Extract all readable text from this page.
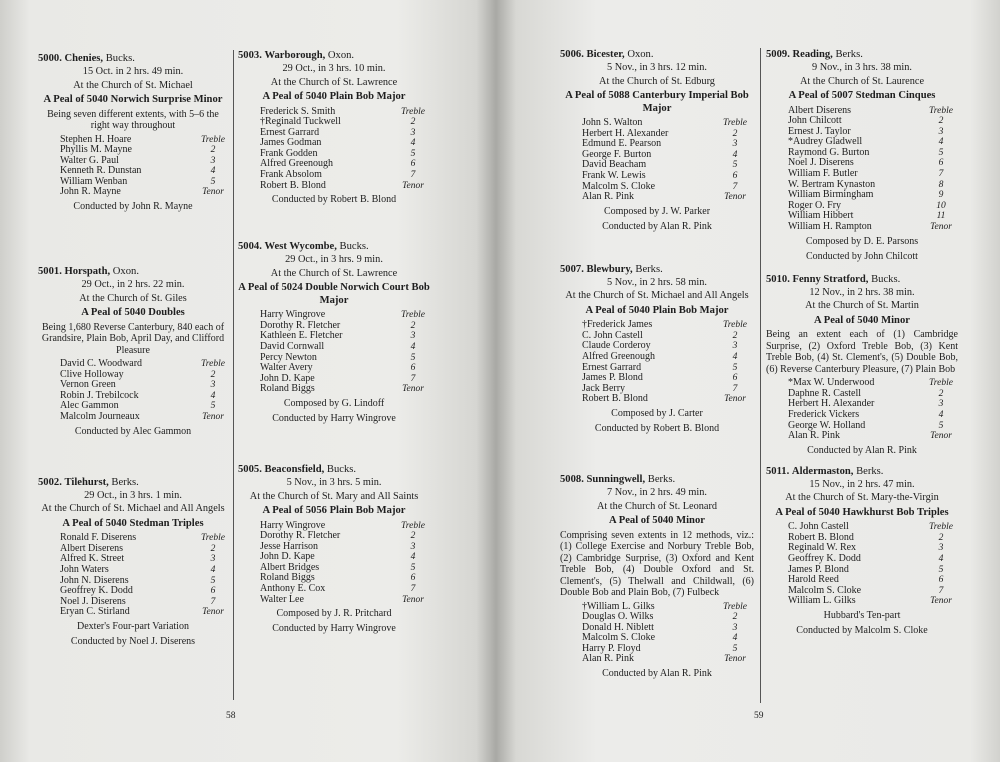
5000. Chenies, Bucks.
15 Oct. in 2 hrs. 49 min.
At the Church of St. Michael
A Peal of 5040 Norwich Surprise Minor
Being seven different extents, with 5–6 the right way throughout
Stephen H. Hoare	Treble
Phyllis M. Mayne	2
Walter G. Paul	3
Kenneth R. Dunstan	4
William Wenban	5
John R. Mayne	Tenor
Conducted by John R. Mayne
5001. Horspath, Oxon.
29 Oct., in 2 hrs. 22 min.
At the Church of St. Giles
A Peal of 5040 Doubles
Being 1,680 Reverse Canterbury, 840 each of Grandsire, Plain Bob, April Day, and Clifford Pleasure
David C. Woodward	Treble
Clive Holloway	2
Vernon Green	3
Robin J. Trebilcock	4
Alec Gammon	5
Malcolm Journeaux	Tenor
Conducted by Alec Gammon
5002. Tilehurst, Berks.
29 Oct., in 3 hrs. 1 min.
At the Church of St. Michael and All Angels
A Peal of 5040 Stedman Triples
Ronald F. Diserens	Treble
Albert Diserens	2
Alfred K. Street	3
John Waters	4
John N. Diserens	5
Geoffrey K. Dodd	6
Noel J. Diserens	7
Eryan C. Stirland	Tenor
Dexter's Four-part Variation
Conducted by Noel J. Diserens
5003. Warborough, Oxon.
29 Oct., in 3 hrs. 10 min.
At the Church of St. Lawrence
A Peal of 5040 Plain Bob Major
Frederick S. Smith	Treble
†Reginald Tuckwell	2
Ernest Garrard	3
James Godman	4
Frank Godden	5
Alfred Greenough	6
Frank Absolom	7
Robert B. Blond	Tenor
Conducted by Robert B. Blond
5004. West Wycombe, Bucks.
29 Oct., in 3 hrs. 9 min.
At the Church of St. Lawrence
A Peal of 5024 Double Norwich Court Bob Major
Harry Wingrove	Treble
Dorothy R. Fletcher	2
Kathleen E. Fletcher	3
David Cornwall	4
Percy Newton	5
Walter Avery	6
John D. Kape	7
Roland Biggs	Tenor
Composed by G. Lindoff
Conducted by Harry Wingrove
5005. Beaconsfield, Bucks.
5 Nov., in 3 hrs. 5 min.
At the Church of St. Mary and All Saints
A Peal of 5056 Plain Bob Major
Harry Wingrove	Treble
Dorothy R. Fletcher	2
Jesse Harrison	3
John D. Kape	4
Albert Bridges	5
Roland Biggs	6
Anthony E. Cox	7
Walter Lee	Tenor
Composed by J. R. Pritchard
Conducted by Harry Wingrove
58
5006. Bicester, Oxon.
5 Nov., in 3 hrs. 12 min.
At the Church of St. Edburg
A Peal of 5088 Canterbury Imperial Bob Major
John S. Walton	Treble
Herbert H. Alexander	2
Edmund E. Pearson	3
George F. Burton	4
David Beacham	5
Frank W. Lewis	6
Malcolm S. Cloke	7
Alan R. Pink	Tenor
Composed by J. W. Parker
Conducted by Alan R. Pink
5007. Blewbury, Berks.
5 Nov., in 2 hrs. 58 min.
At the Church of St. Michael and All Angels
A Peal of 5040 Plain Bob Major
†Frederick James	Treble
C. John Castell	2
Claude Corderoy	3
Alfred Greenough	4
Ernest Garrard	5
James P. Blond	6
Jack Berry	7
Robert B. Blond	Tenor
Composed by J. Carter
Conducted by Robert B. Blond
5008. Sunningwell, Berks.
7 Nov., in 2 hrs. 49 min.
At the Church of St. Leonard
A Peal of 5040 Minor
Comprising seven extents in 12 methods, viz.: (1) College Exercise and Norbury Treble Bob, (2) Cambridge Surprise, (3) Oxford and Kent Treble Bob, (4) Double Oxford and St. Clement's, (5) Thelwall and Childwall, (6) Double Bob and Plain Bob, (7) Fulbeck
†William L. Gilks	Treble
Douglas O. Wilks	2
Donald H. Niblett	3
Malcolm S. Cloke	4
Harry P. Floyd	5
Alan R. Pink	Tenor
Conducted by Alan R. Pink
5009. Reading, Berks.
9 Nov., in 3 hrs. 38 min.
At the Church of St. Laurence
A Peal of 5007 Stedman Cinques
Albert Diserens	Treble
John Chilcott	2
Ernest J. Taylor	3
*Audrey Gladwell	4
Raymond G. Burton	5
Noel J. Diserens	6
William F. Butler	7
W. Bertram Kynaston	8
William Birmingham	9
Roger O. Fry	10
William Hibbert	11
William H. Rampton	Tenor
Composed by D. E. Parsons
Conducted by John Chilcott
5010. Fenny Stratford, Bucks.
12 Nov., in 2 hrs. 38 min.
At the Church of St. Martin
A Peal of 5040 Minor
Being an extent each of (1) Cambridge Surprise, (2) Oxford Treble Bob, (3) Kent Treble Bob, (4) St. Clement's, (5) Double Bob, (6) Reverse Canterbury Pleasure, (7) Plain Bob
*Max W. Underwood	Treble
Daphne R. Castell	2
Herbert H. Alexander	3
Frederick Vickers	4
George W. Holland	5
Alan R. Pink	Tenor
Conducted by Alan R. Pink
5011. Aldermaston, Berks.
15 Nov., in 2 hrs. 47 min.
At the Church of St. Mary-the-Virgin
A Peal of 5040 Hawkhurst Bob Triples
C. John Castell	Treble
Robert B. Blond	2
Reginald W. Rex	3
Geoffrey K. Dodd	4
James P. Blond	5
Harold Reed	6
Malcolm S. Cloke	7
William L. Gilks	Tenor
Hubbard's Ten-part
Conducted by Malcolm S. Cloke
59
